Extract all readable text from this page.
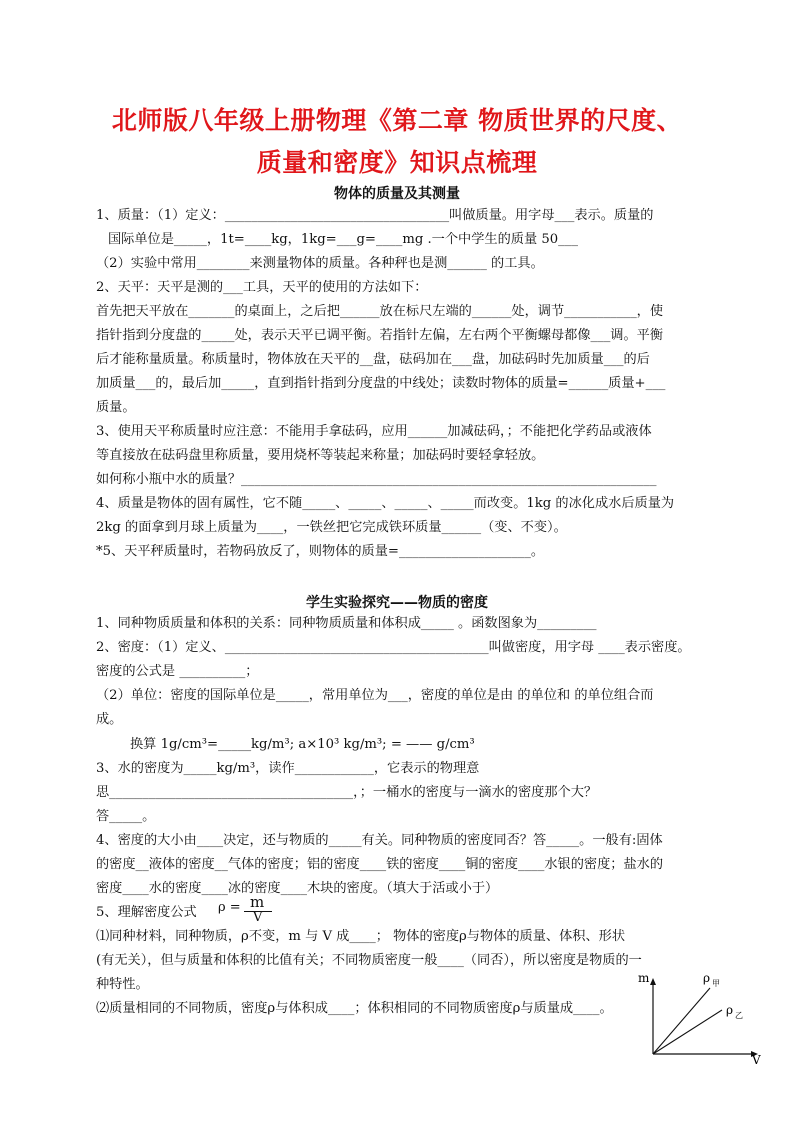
北师版八年级上册物理《第二章 物质世界的尺度、
质量和密度》知识点梳理
物体的质量及其测量
1、质量：（1）定义：__________________________________叫做质量。用字母___表示。质量的
国际单位是_____，1t=____kg，1kg=___g=____mg .一个中学生的质量 50___
（2）实验中常用________来测量物体的质量。各种秤也是测______ 的工具。
2、天平：天平是测的___工具，天平的使用的方法如下：
首先把天平放在_______的桌面上，之后把______放在标尺左端的______处，调节___________，使
指针指到分度盘的_____处，表示天平已调平衡。若指针左偏，左右两个平衡螺母都像___调。平衡
后才能称量质量。称质量时，物体放在天平的__盘，砝码加在___盘，加砝码时先加质量___的后
加质量___的，最后加_____，直到指针指到分度盘的中线处；读数时物体的质量=______质量+___
质量。
3、使用天平称质量时应注意：不能用手拿砝码，应用______加减砝码，；不能把化学药品或液体
等直接放在砝码盘里称质量，要用烧杯等装起来称量；加砝码时要轻拿轻放。
如何称小瓶中水的质量？_______________________________________________________________
4、质量是物体的固有属性，它不随_____、_____、_____、_____而改变。1kg 的冰化成水后质量为
2kg 的面拿到月球上质量为____，一铁丝把它完成铁环质量______（变、不变）。
*5、天平秤质量时，若物码放反了，则物体的质量=____________________。
学生实验探究——物质的密度
1、同种物质质量和体积的关系：同种物质质量和体积成_____ 。函数图象为_________
2、密度：（1）定义、________________________________________叫做密度，用字母 ____表示密度。
密度的公式是 __________；
（2）单位：密度的国际单位是_____，常用单位为___，密度的单位是由 的单位和 的单位组合而
成。
换算 1g/cm³=_____kg/m³; a×10³ kg/m³; = —— g/cm³
3、水的密度为_____kg/m³，读作____________，它表示的物理意
思_____________________________________，；一桶水的密度与一滴水的密度那个大？
答_____。
4、密度的大小由____决定，还与物质的_____有关。同种物质的密度同否？答_____。一般有:固体
的密度__液体的密度__气体的密度；铝的密度____铁的密度____铜的密度____水银的密度；盐水的
密度____水的密度____冰的密度____木块的密度。（填大于活或小于）
5、理解密度公式 ρ = m
V
⑴同种材料，同种物质，ρ不变，m 与 V 成____； 物体的密度ρ与物体的质量、体积、形状
(有无关），但与质量和体积的比值有关；不同物质密度一般____（同否），所以密度是物质的一
种特性。
⑵质量相同的不同物质，密度ρ与体积成____；体积相同的不同物质密度ρ与质量成____。
m
V
ρ 甲
ρ 乙
